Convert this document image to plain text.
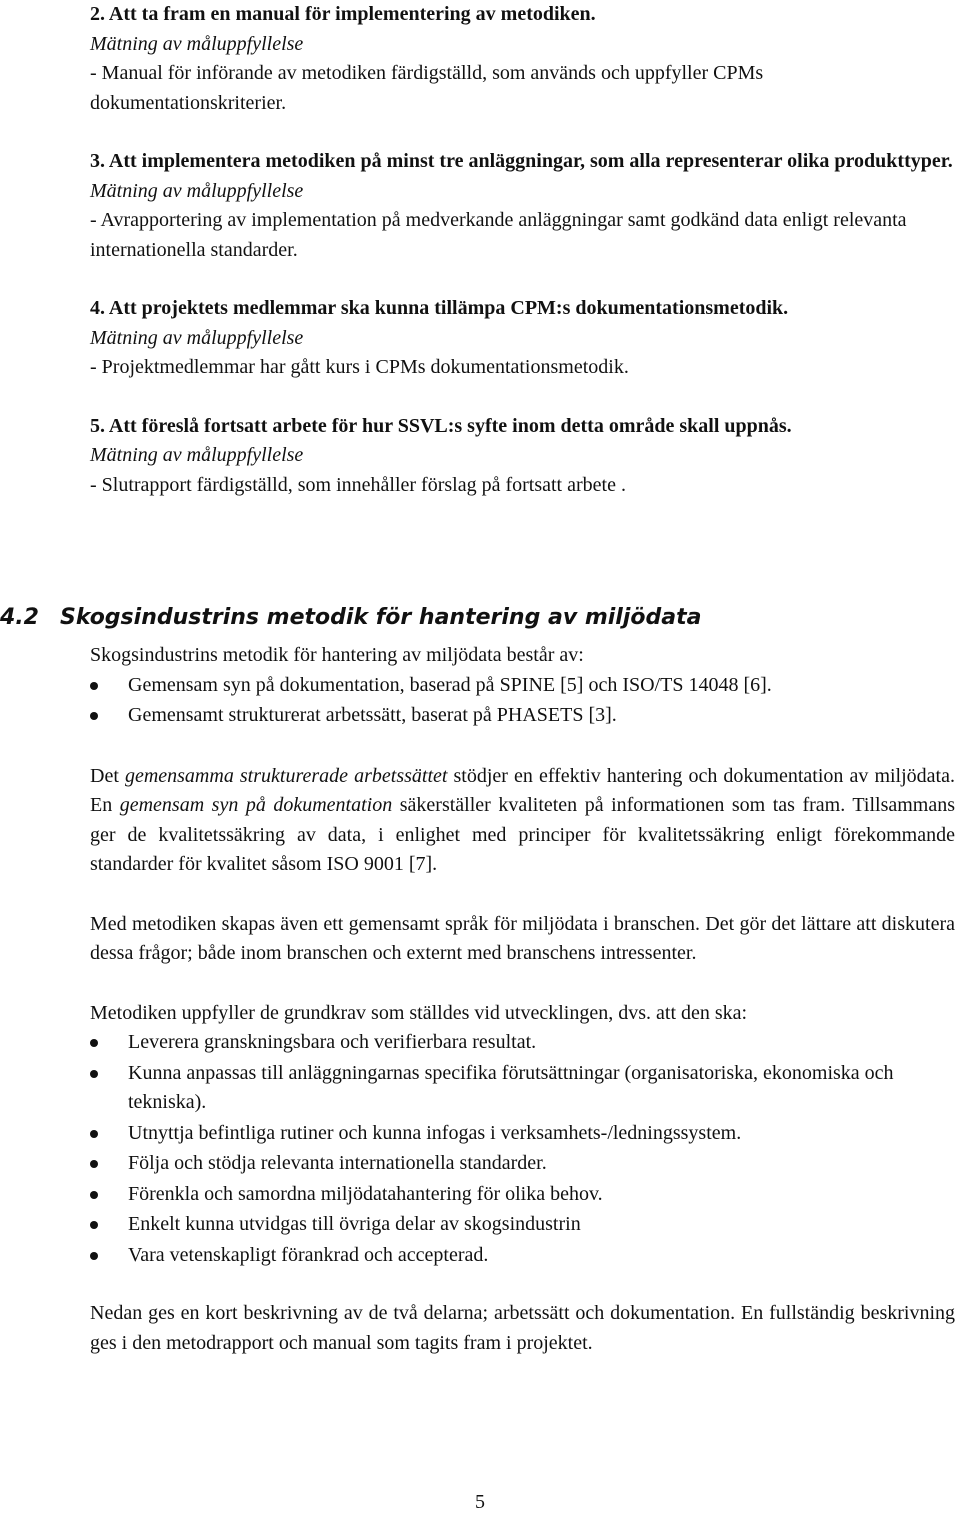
2. Att ta fram en manual för implementering av metodiken.

Mätning av måluppfyllelse

- Manual för införande av metodiken färdigställd, som används och uppfyller CPMs dokumentationskriterier.

3. Att implementera metodiken på minst tre anläggningar, som alla representerar olika produkttyper.

Mätning av måluppfyllelse

- Avrapportering av implementation på medverkande anläggningar samt godkänd data enligt relevanta internationella standarder.

4. Att projektets medlemmar ska kunna tillämpa CPM:s dokumentationsmetodik.

Mätning av måluppfyllelse

- Projektmedlemmar har gått kurs i CPMs dokumentationsmetodik.

5. Att föreslå fortsatt arbete för hur SSVL:s syfte inom detta område skall uppnås.

Mätning av måluppfyllelse

- Slutrapport färdigställd, som innehåller förslag på fortsatt arbete .

4.2 Skogsindustrins metodik för hantering av miljödata

Skogsindustrins metodik för hantering av miljödata består av:

Gemensam syn på dokumentation, baserad på SPINE [5] och ISO/TS 14048 [6].
Gemensamt strukturerat arbetssätt, baserat på PHASETS [3].

Det gemensamma strukturerade arbetssättet stödjer en effektiv hantering och dokumentation av miljödata. En gemensam syn på dokumentation säkerställer kvaliteten på informationen som tas fram. Tillsammans ger de kvalitetssäkring av data, i enlighet med principer för kvalitetssäkring enligt förekommande standarder för kvalitet såsom ISO 9001 [7].

Med metodiken skapas även ett gemensamt språk för miljödata i branschen. Det gör det lättare att diskutera dessa frågor; både inom branschen och externt med branschens intressenter.

Metodiken uppfyller de grundkrav som ställdes vid utvecklingen, dvs. att den ska:

Leverera granskningsbara och verifierbara resultat.
Kunna anpassas till anläggningarnas specifika förutsättningar (organisatoriska, ekonomiska och tekniska).
Utnyttja befintliga rutiner och kunna infogas i verksamhets-/ledningssystem.
Följa och stödja relevanta internationella standarder.
Förenkla och samordna miljödatahantering för olika behov.
Enkelt kunna utvidgas till övriga delar av skogsindustrin
Vara vetenskapligt förankrad och accepterad.

Nedan ges en kort beskrivning av de två delarna; arbetssätt och dokumentation. En fullständig beskrivning ges i den metodrapport och manual som tagits fram i projektet.

5
